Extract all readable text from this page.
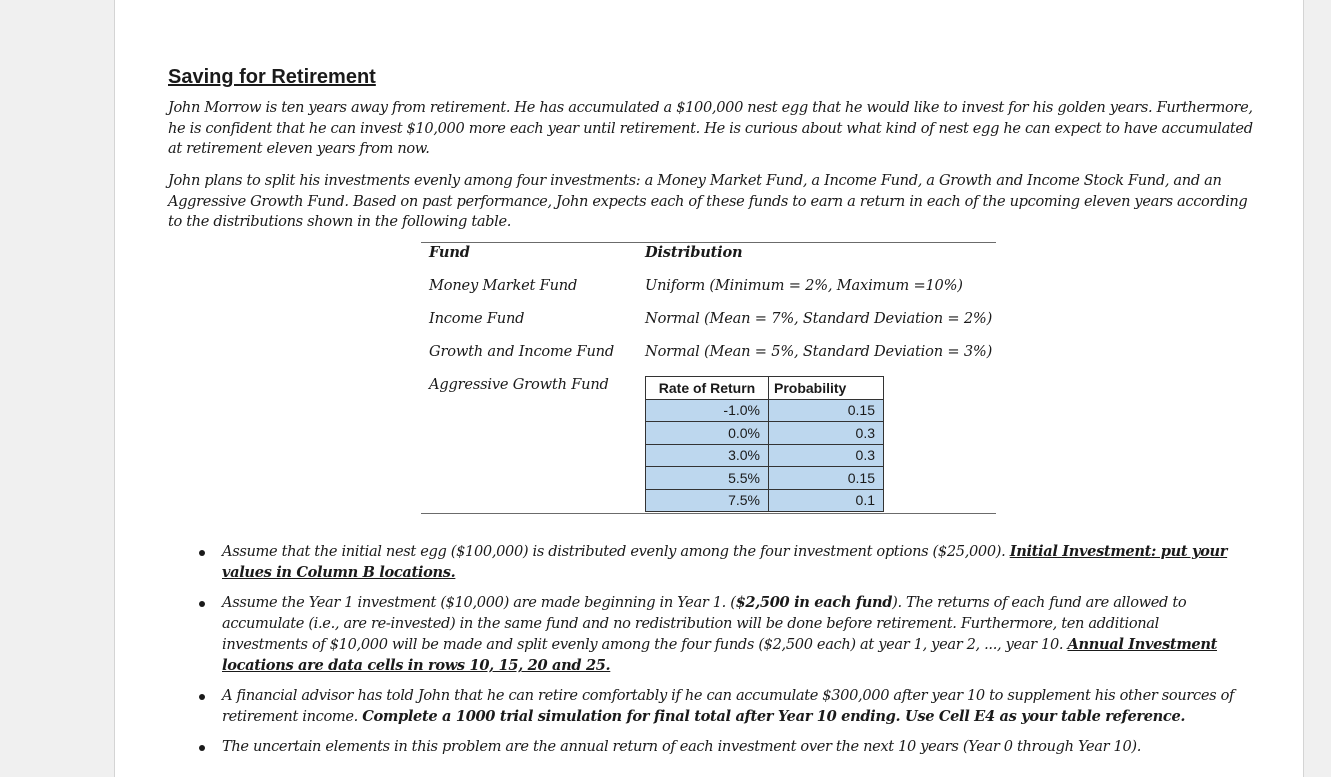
Saving for Retirement

John Morrow is ten years away from retirement. He has accumulated a $100,000 nest egg that he would like to invest for his golden years. Furthermore, he is confident that he can invest $10,000 more each year until retirement. He is curious about what kind of nest egg he can expect to have accumulated at retirement eleven years from now.

John plans to split his investments evenly among four investments: a Money Market Fund, a Income Fund, a Growth and Income Stock Fund, and an Aggressive Growth Fund. Based on past performance, John expects each of these funds to earn a return in each of the upcoming eleven years according to the distributions shown in the following table.

Fund	Distribution
Money Market Fund	Uniform (Minimum = 2%, Maximum =10%)
Income Fund	Normal (Mean = 7%, Standard Deviation = 2%)
Growth and Income Fund Normal (Mean = 5%, Standard Deviation = 3%)
Aggressive Growth Fund	Rate of Return	Probability
-1.0%	0.15
0.0%	0.3
3.0%	0.3
5.5%	0.15
7.5%	0.1
Assume that the initial nest egg ($100,000) is distributed evenly among the four investment options ($25,000). Initial Investment: put your values in Column B locations.
Assume the Year 1 investment ($10,000) are made beginning in Year 1. ($2,500 in each fund). The returns of each fund are allowed to accumulate (i.e., are re-invested) in the same fund and no redistribution will be done before retirement. Furthermore, ten additional investments of $10,000 will be made and split evenly among the four funds ($2,500 each) at year 1, year 2, ..., year 10. Annual Investment locations are data cells in rows 10, 15, 20 and 25.
A financial advisor has told John that he can retire comfortably if he can accumulate $300,000 after year 10 to supplement his other sources of retirement income. Complete a 1000 trial simulation for final total after Year 10 ending. Use Cell E4 as your table reference.
The uncertain elements in this problem are the annual return of each investment over the next 10 years (Year 0 through Year 10).
